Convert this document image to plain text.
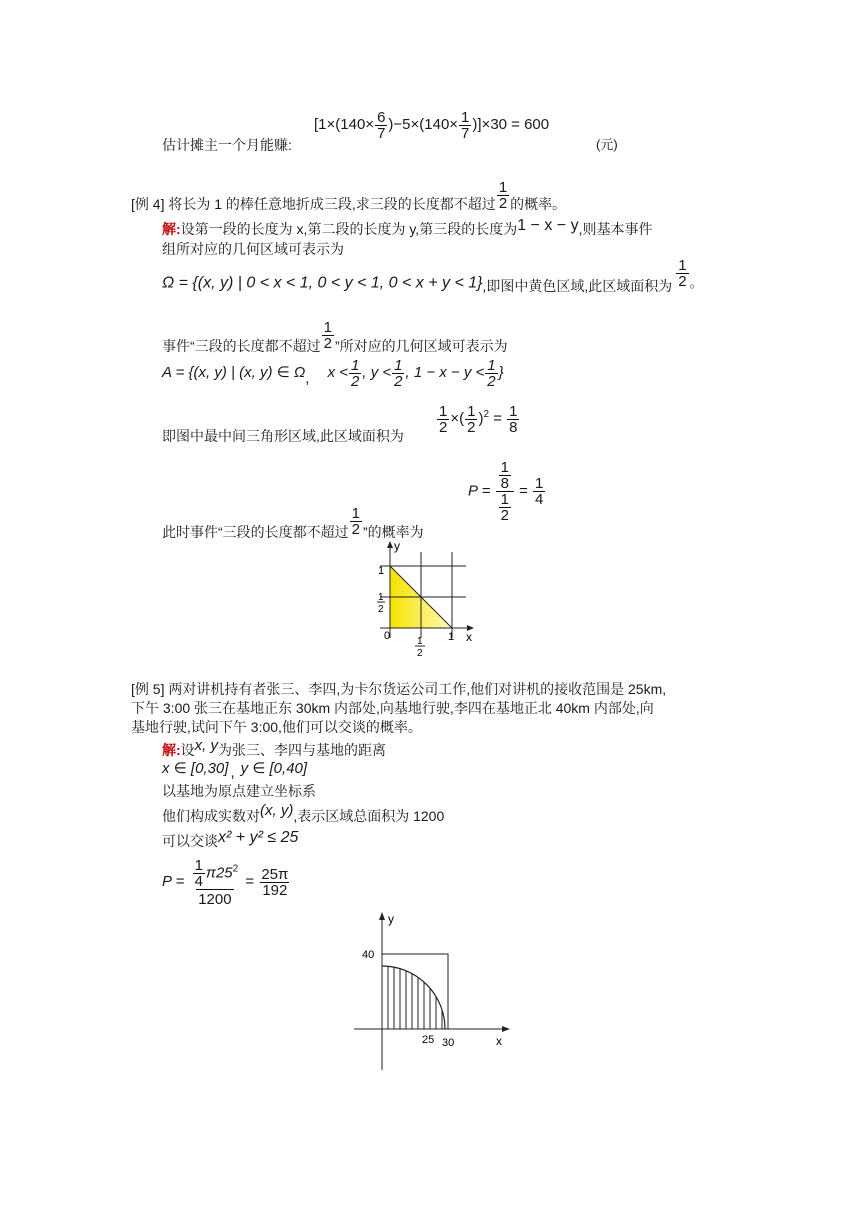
估计摊主一个月能赚:
$[1\times(140\times \frac{6}{7} )-5\times(140\times \frac{1}{7} )]\times 30 = 600$
(元)
[例 4] 将长为 1 的棒任意地折成三段,求三段的长度都不超过 $\frac{1}{2}$ 的概率。
解:设第一段的长度为 x,第二段的长度为 y,第三段的长度为1 − x − y,则基本事件
组所对应的几何区域可表示为
Ω = {(x, y) | 0 < x < 1, 0 < y < 1, 0 < x + y < 1},即图中黄色区域,此区域面积为 $\frac{1}{2}$ 。
事件“三段的长度都不超过 $\frac{1}{2}$ ”所对应的几何区域可表示为
A = {(x, y) | (x, y) ∈ Ω, $x < \frac{1}{2}$ , $y < \frac{1}{2}$ , $1 - x - y < \frac{1}{2}$ }
即图中最中间三角形区域,此区域面积为
$\frac{1}{2}$ ×( $\frac{1}{2} )^2 = \frac{1}{8}$
$P = \frac{\frac{1}{8}}{\frac{1}{2}} = \frac{1}{4}$
此时事件“三段的长度都不超过 $\frac{1}{2}$ ”的概率为
y
x
1
1
2
0	1
1
2
[例 5] 两对讲机持有者张三、李四,为卡尔货运公司工作,他们对讲机的接收范围是 25km,
下午 3:00 张三在基地正东 30km 内部处,向基地行驶,李四在基地正北 40km 内部处,向
基地行驶,试问下午 3:00,他们可以交谈的概率。
解:设x, y为张三、李四与基地的距离
x ∈ [0,30] , y ∈ [0,40]
以基地为原点建立坐标系
他们构成实数对(x, y),表示区域总面积为 1200
可以交谈x² + y² ≤ 25
$P = \frac{\frac{1}{4} \pi 25^2}{1200} = \frac{25\pi}{192}$
y
x
40
25 30
